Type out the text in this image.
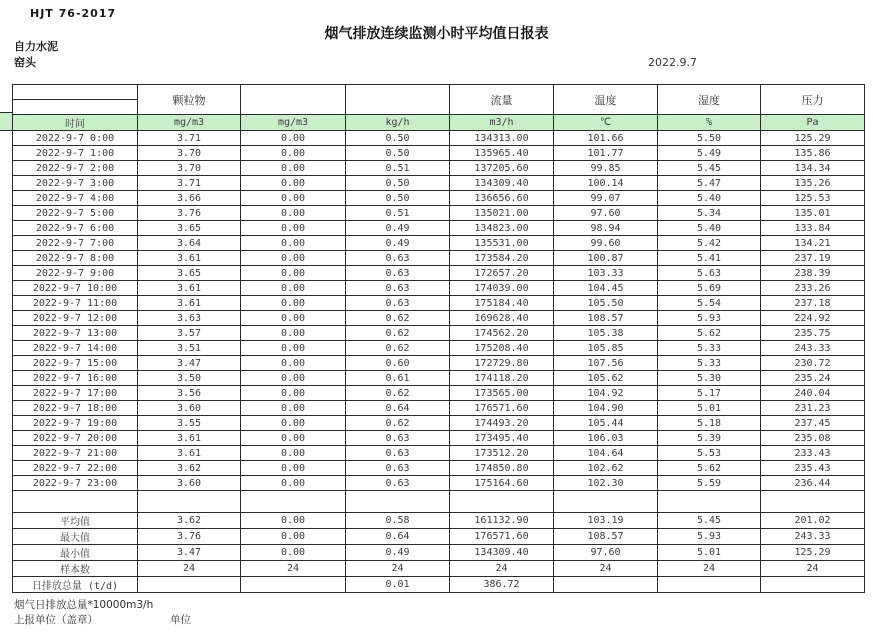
HJT 76-2017
烟气排放连续监测小时平均值日报表
自力水泥
窑头	2022.9.7
	颗粒物			流量	温度	湿度	压力

时间	mg/m3	mg/m3	kg/h	m3/h	℃	%	Pa
2022-9-7 0:00	3.71	0.00	0.50	134313.00	101.66	5.50	125.29
2022-9-7 1:00	3.70	0.00	0.50	135965.40	101.77	5.49	135.86
2022-9-7 2:00	3.70	0.00	0.51	137205.60	99.85	5.45	134.34
2022-9-7 3:00	3.71	0.00	0.50	134309.40	100.14	5.47	135.26
2022-9-7 4:00	3.66	0.00	0.50	136656.60	99.07	5.40	125.53
2022-9-7 5:00	3.76	0.00	0.51	135021.00	97.60	5.34	135.01
2022-9-7 6:00	3.65	0.00	0.49	134823.00	98.94	5.40	133.84
2022-9-7 7:00	3.64	0.00	0.49	135531.00	99.60	5.42	134.21
2022-9-7 8:00	3.61	0.00	0.63	173584.20	100.87	5.41	237.19
2022-9-7 9:00	3.65	0.00	0.63	172657.20	103.33	5.63	238.39
2022-9-7 10:00	3.61	0.00	0.63	174039.00	104.45	5.69	233.26
2022-9-7 11:00	3.61	0.00	0.63	175184.40	105.50	5.54	237.18
2022-9-7 12:00	3.63	0.00	0.62	169628.40	108.57	5.93	224.92
2022-9-7 13:00	3.57	0.00	0.62	174562.20	105.38	5.62	235.75
2022-9-7 14:00	3.51	0.00	0.62	175208.40	105.85	5.33	243.33
2022-9-7 15:00	3.47	0.00	0.60	172729.80	107.56	5.33	230.72
2022-9-7 16:00	3.50	0.00	0.61	174118.20	105.62	5.30	235.24
2022-9-7 17:00	3.56	0.00	0.62	173565.00	104.92	5.17	240.04
2022-9-7 18:00	3.60	0.00	0.64	176571.60	104.90	5.01	231.23
2022-9-7 19:00	3.55	0.00	0.62	174493.20	105.44	5.18	237.45
2022-9-7 20:00	3.61	0.00	0.63	173495.40	106.03	5.39	235.08
2022-9-7 21:00	3.61	0.00	0.63	173512.20	104.64	5.53	233.43
2022-9-7 22:00	3.62	0.00	0.63	174850.80	102.62	5.62	235.43
2022-9-7 23:00	3.60	0.00	0.63	175164.60	102.30	5.59	236.44

平均值	3.62	0.00	0.58	161132.90	103.19	5.45	201.02
最大值	3.76	0.00	0.64	176571.60	108.57	5.93	243.33
最小值	3.47	0.00	0.49	134309.40	97.60	5.01	125.29
样本数	24	24	24	24	24	24	24
日排放总量 (t/d)			0.01	386.72			
烟气日排放总量*10000m3/h
上报单位（盖章）	单位
